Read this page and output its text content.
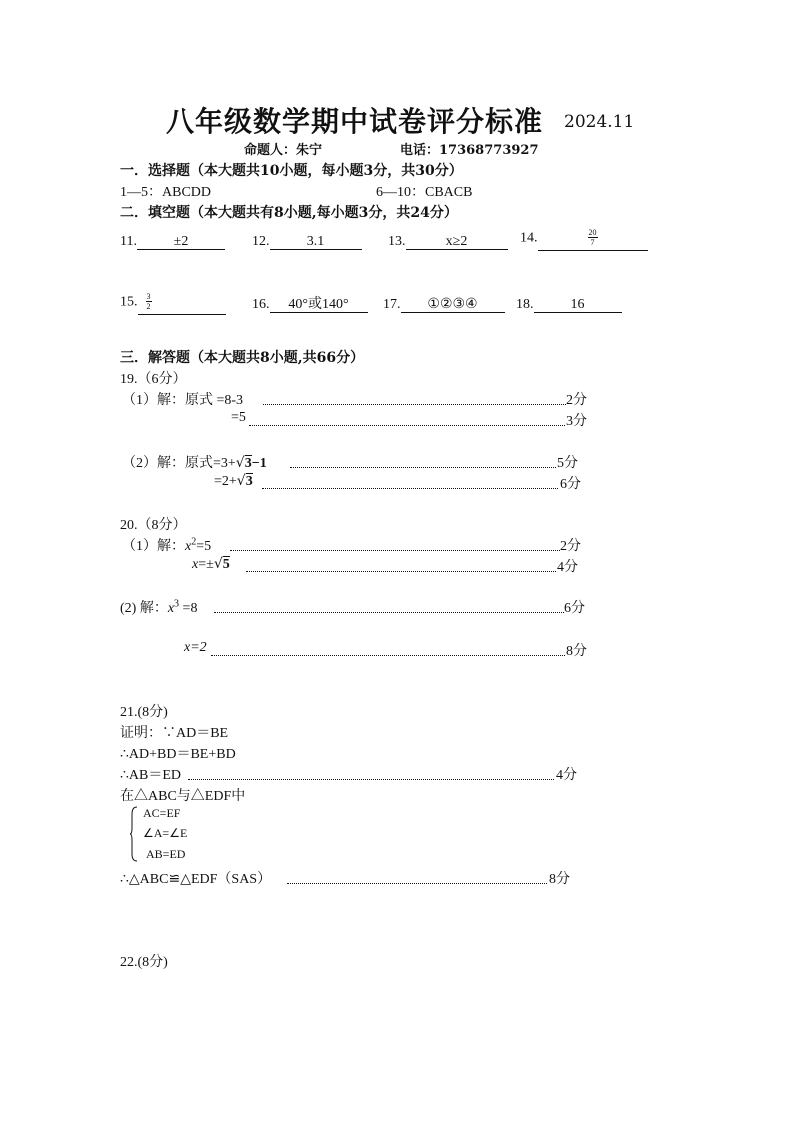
八年级数学期中试卷评分标准 2024.11
命题人：朱宁	电话：17368773927
一．选择题（本大题共10小题，每小题3分，共30分）
1—5：ABCDD	6—10：CBACB
二．填空题（本大题共有8小题,每小题3分，共24分）
11.	±2	12.	3.1	13.	x≥2	14.	$\frac{20}{7}$
15. $\frac{3}{2}$	16. 40°或140°	17. ①②③④	18.	16
三．解答题（本大题共8小题,共66分）
19.（6分）
（1）解：原式 =8-3	2分
=5	3分
（2）解：原式=3+√3−1	5分
=2+√3	6分
20.（8分）
（1）解：$x^2=5$	2分
x=±√5	4分
(2) 解：$x^3 =8$	6分
x=2	8分
21.(8分)
证明：∵AD＝BE
∴AD+BD＝BE+BD
∴AB＝ED	4分
在△ABC与△EDF中
AC=EF
∠A=∠E
AB=ED
∴△ABC≌△EDF（SAS）	8分
22.(8分)
